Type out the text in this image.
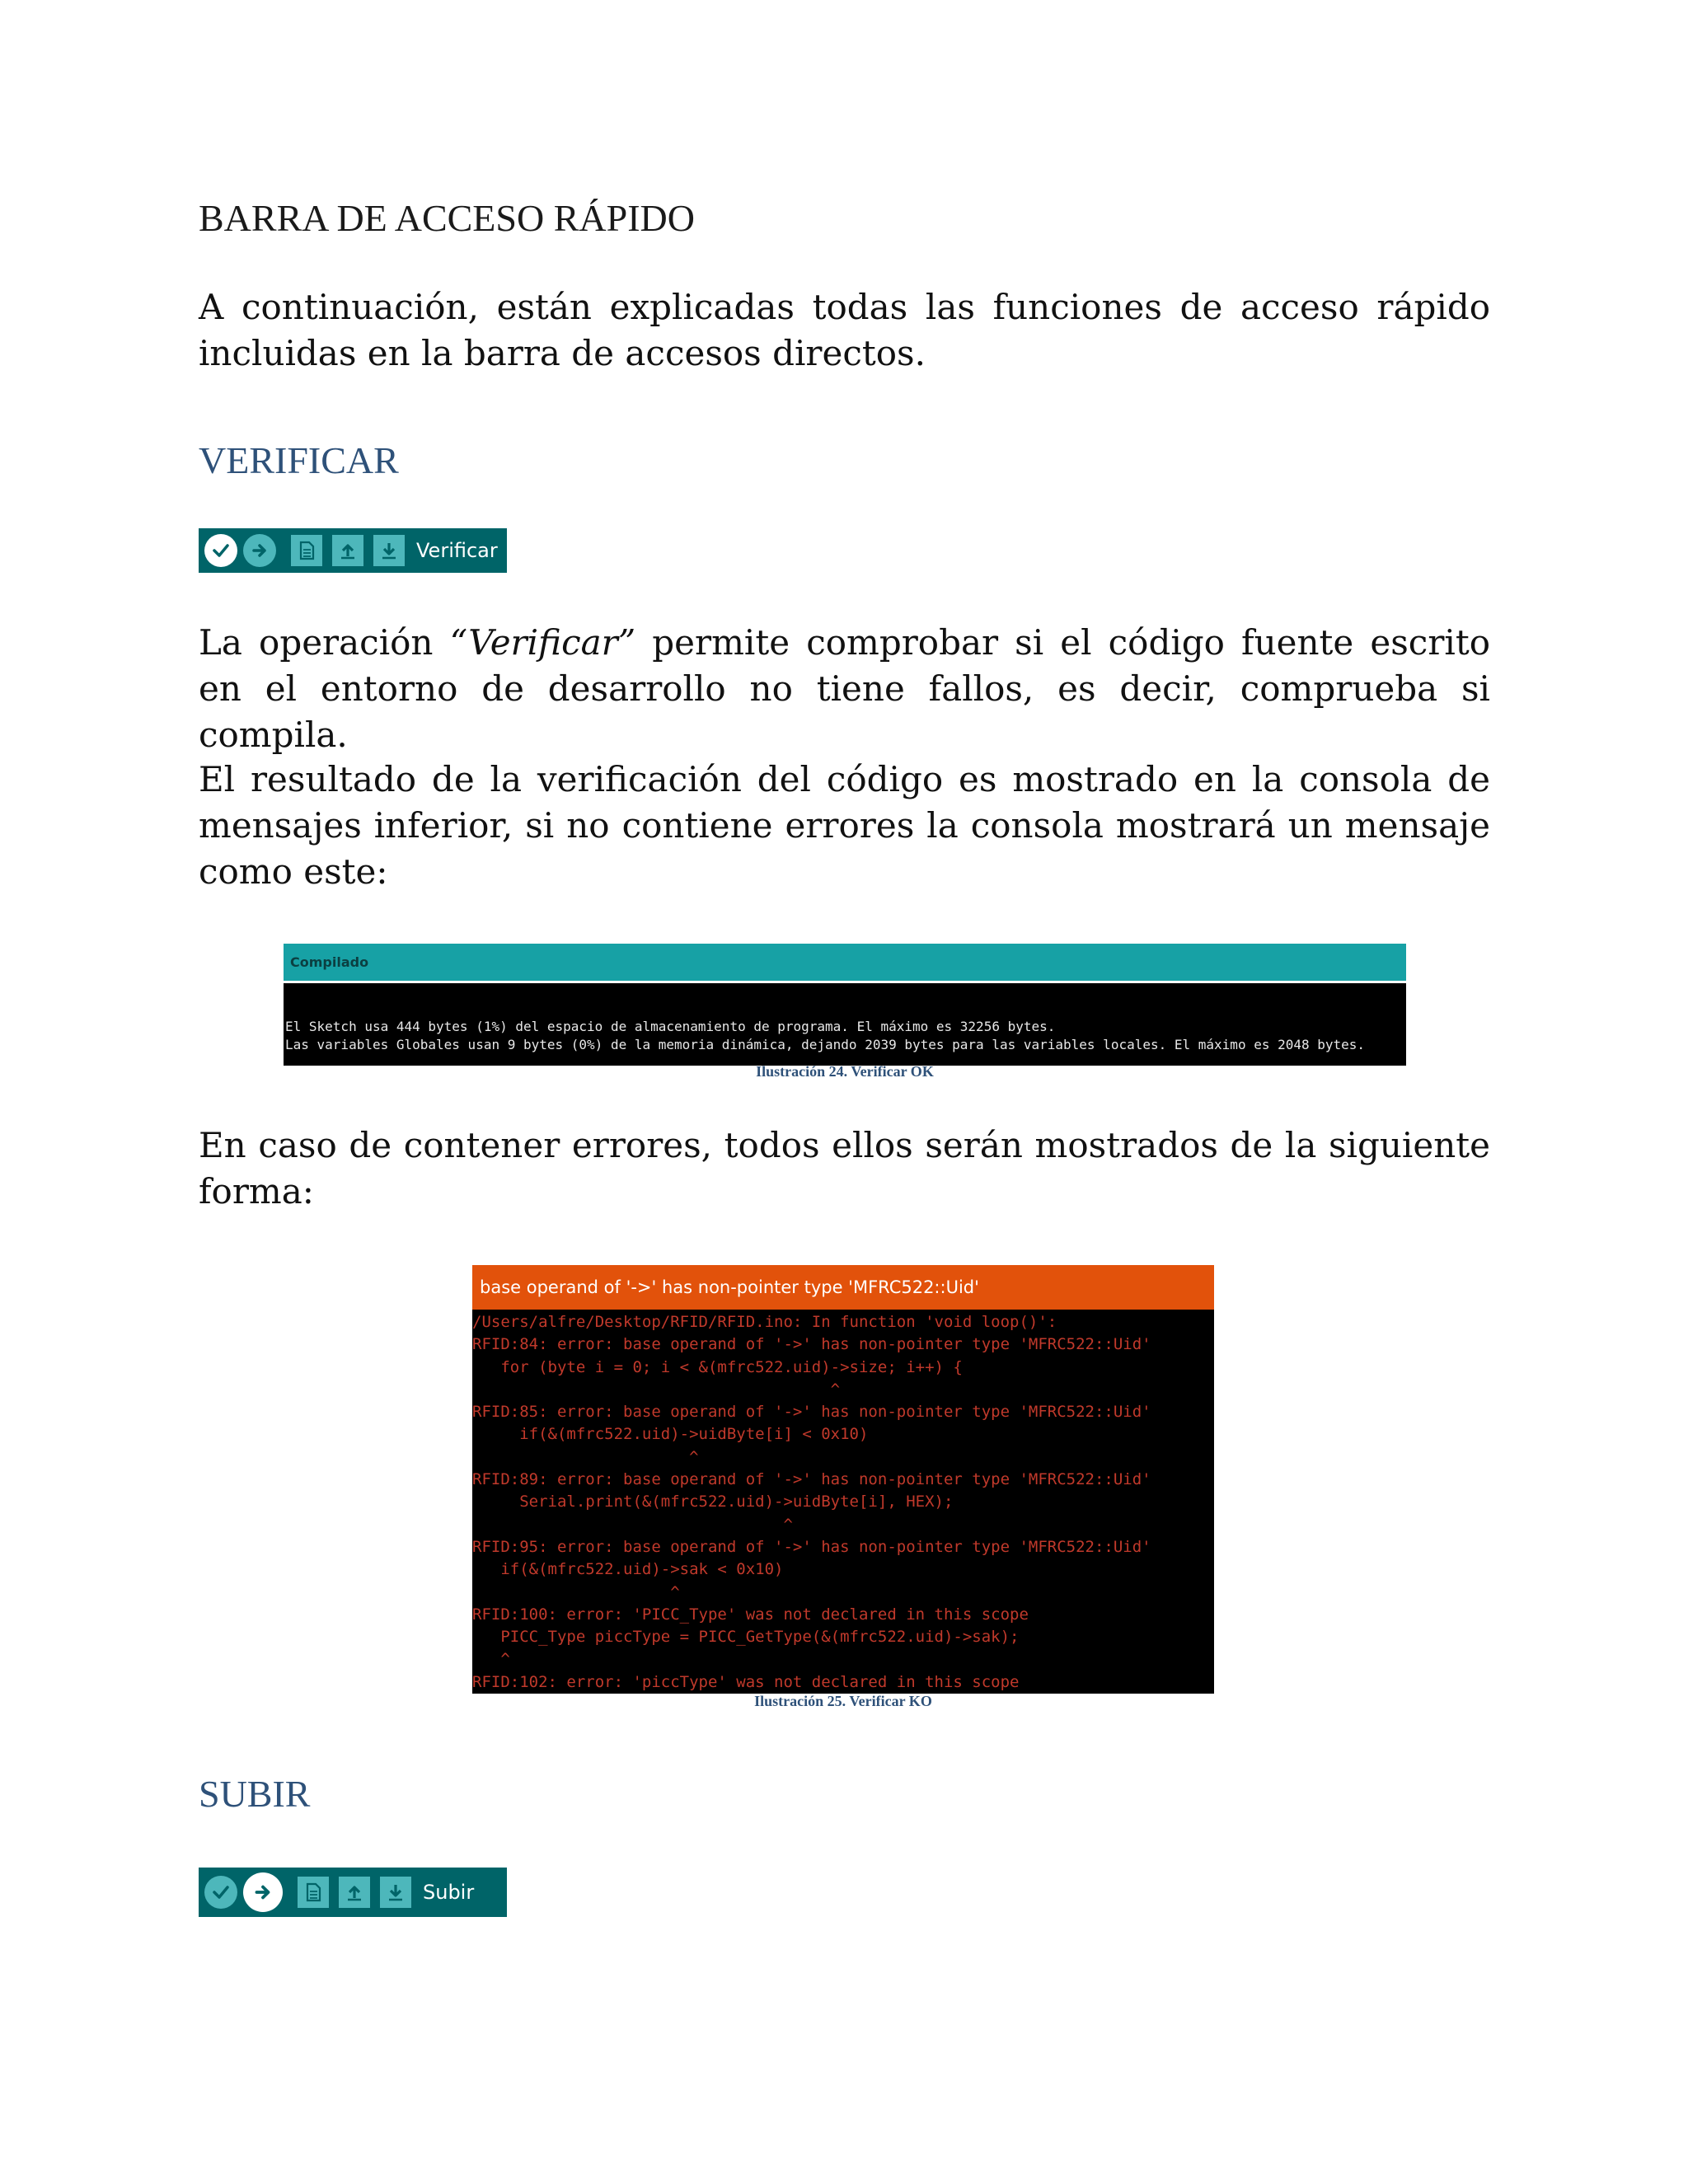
BARRA DE ACCESO RÁPIDO
A continuación, están explicadas todas las funciones de acceso rápido incluidas en la barra de accesos directos.
VERIFICAR
Verificar
La operación “Verificar” permite comprobar si el código fuente escrito en el entorno de desarrollo no tiene fallos, es decir, comprueba si compila.
El resultado de la verificación del código es mostrado en la consola de mensajes inferior, si no contiene errores la consola mostrará un mensaje como este:
Compilado
El Sketch usa 444 bytes (1%) del espacio de almacenamiento de programa. El máximo es 32256 bytes.
Las variables Globales usan 9 bytes (0%) de la memoria dinámica, dejando 2039 bytes para las variables locales. El máximo es 2048 bytes.
Ilustración 24. Verificar OK
En caso de contener errores, todos ellos serán mostrados de la siguiente forma:
base operand of '->' has non-pointer type 'MFRC522::Uid'
/Users/alfre/Desktop/RFID/RFID.ino: In function 'void loop()':
RFID:84: error: base operand of '->' has non-pointer type 'MFRC522::Uid'
for (byte i = 0; i < &(mfrc522.uid)->size; i++) {
^
RFID:85: error: base operand of '->' has non-pointer type 'MFRC522::Uid'
if(&(mfrc522.uid)->uidByte[i] < 0x10)
^
RFID:89: error: base operand of '->' has non-pointer type 'MFRC522::Uid'
Serial.print(&(mfrc522.uid)->uidByte[i], HEX);
^
RFID:95: error: base operand of '->' has non-pointer type 'MFRC522::Uid'
if(&(mfrc522.uid)->sak < 0x10)
^
RFID:100: error: 'PICC_Type' was not declared in this scope
PICC_Type piccType = PICC_GetType(&(mfrc522.uid)->sak);
^
RFID:102: error: 'piccType' was not declared in this scope
Ilustración 25. Verificar KO
SUBIR
Subir
